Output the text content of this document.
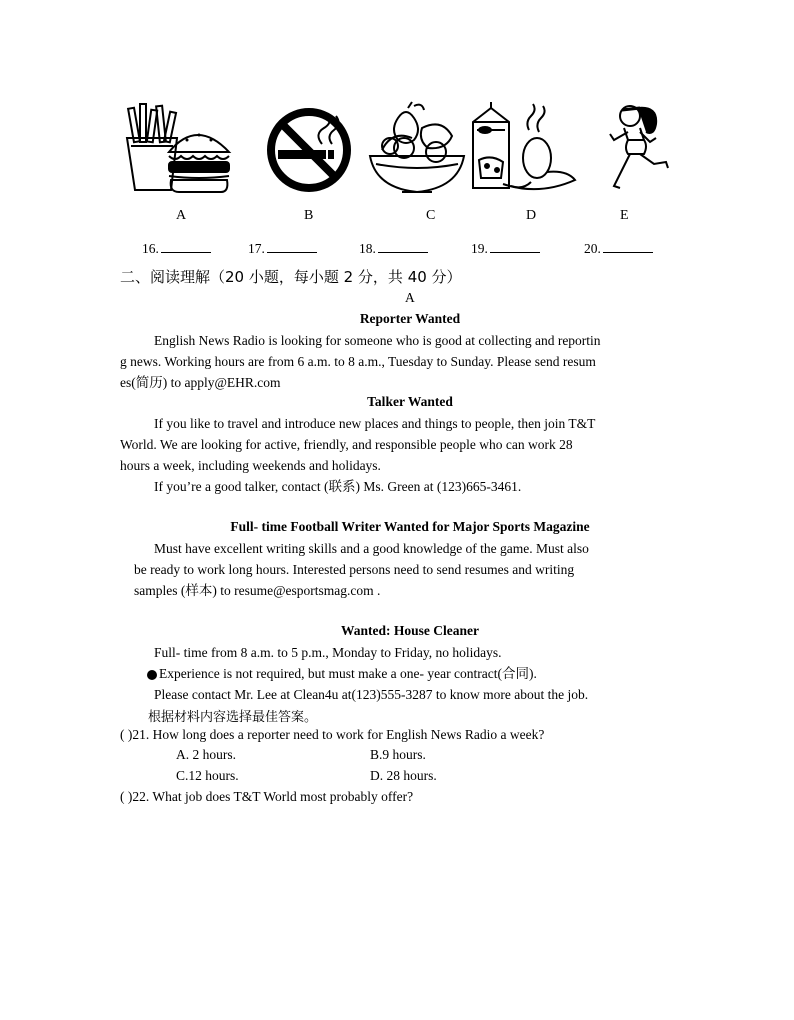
A	B	C	D	E
16.	17.	18.	19.	20.
二、阅读理解（20 小题，每小题 2 分，共 40 分）
A
Reporter Wanted

English News Radio is looking for someone who is good at collecting and reportin

g news. Working hours are from 6 a.m. to 8 a.m., Tuesday to Sunday. Please send resum

es(简历) to apply@EHR.com

Talker Wanted

If you like to travel and introduce new places and things to people, then join T&T

World. We are looking for active, friendly, and responsible people who can work 28

hours a week, including weekends and holidays.

If you’re a good talker, contact (联系) Ms. Green at (123)665-3461.

Full- time Football Writer Wanted for Major Sports Magazine

Must have excellent writing skills and a good knowledge of the game. Must also

be ready to work long hours. Interested persons need to send resumes and writing

samples (样本) to resume@esportsmag.com .

Wanted: House Cleaner

Full- time from 8 a.m. to 5 p.m., Monday to Friday, no holidays.

Experience is not required, but must make a one- year contract(合同).

Please contact Mr. Lee at Clean4u at(123)555-3287 to know more about the job.

根据材料内容选择最佳答案。
( )21. How long does a reporter need to work for English News Radio a week?
A. 2 hours.	B.9 hours.
C.12 hours.	D. 28 hours.
( )22. What job does T&T World most probably offer?
